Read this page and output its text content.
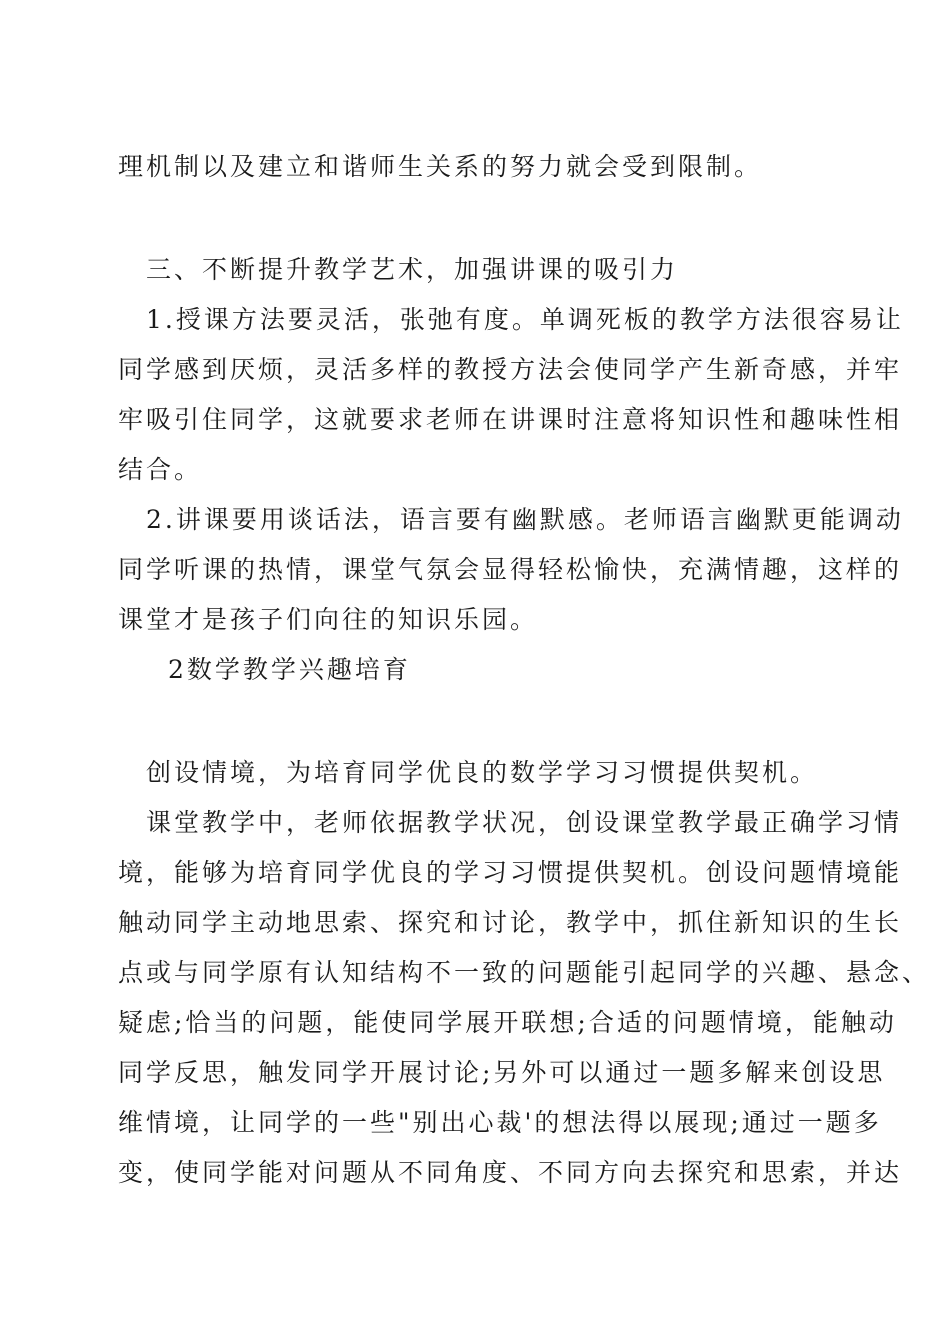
理机制以及建立和谐师生关系的努力就会受到限制。
三、不断提升教学艺术，加强讲课的吸引力
1.授课方法要灵活，张弛有度。单调死板的教学方法很容易让
同学感到厌烦，灵活多样的教授方法会使同学产生新奇感，并牢
牢吸引住同学，这就要求老师在讲课时注意将知识性和趣味性相
结合。
2.讲课要用谈话法，语言要有幽默感。老师语言幽默更能调动
同学听课的热情，课堂气氛会显得轻松愉快，充满情趣，这样的
课堂才是孩子们向往的知识乐园。
2数学教学兴趣培育
创设情境，为培育同学优良的数学学习习惯提供契机。
课堂教学中，老师依据教学状况，创设课堂教学最正确学习情
境，能够为培育同学优良的学习习惯提供契机。创设问题情境能
触动同学主动地思索、探究和讨论，教学中，抓住新知识的生长
点或与同学原有认知结构不一致的问题能引起同学的兴趣、悬念、
疑虑;恰当的问题，能使同学展开联想;合适的问题情境，能触动
同学反思，触发同学开展讨论;另外可以通过一题多解来创设思
维情境，让同学的一些"别出心裁'的想法得以展现;通过一题多
变，使同学能对问题从不同角度、不同方向去探究和思索，并达
